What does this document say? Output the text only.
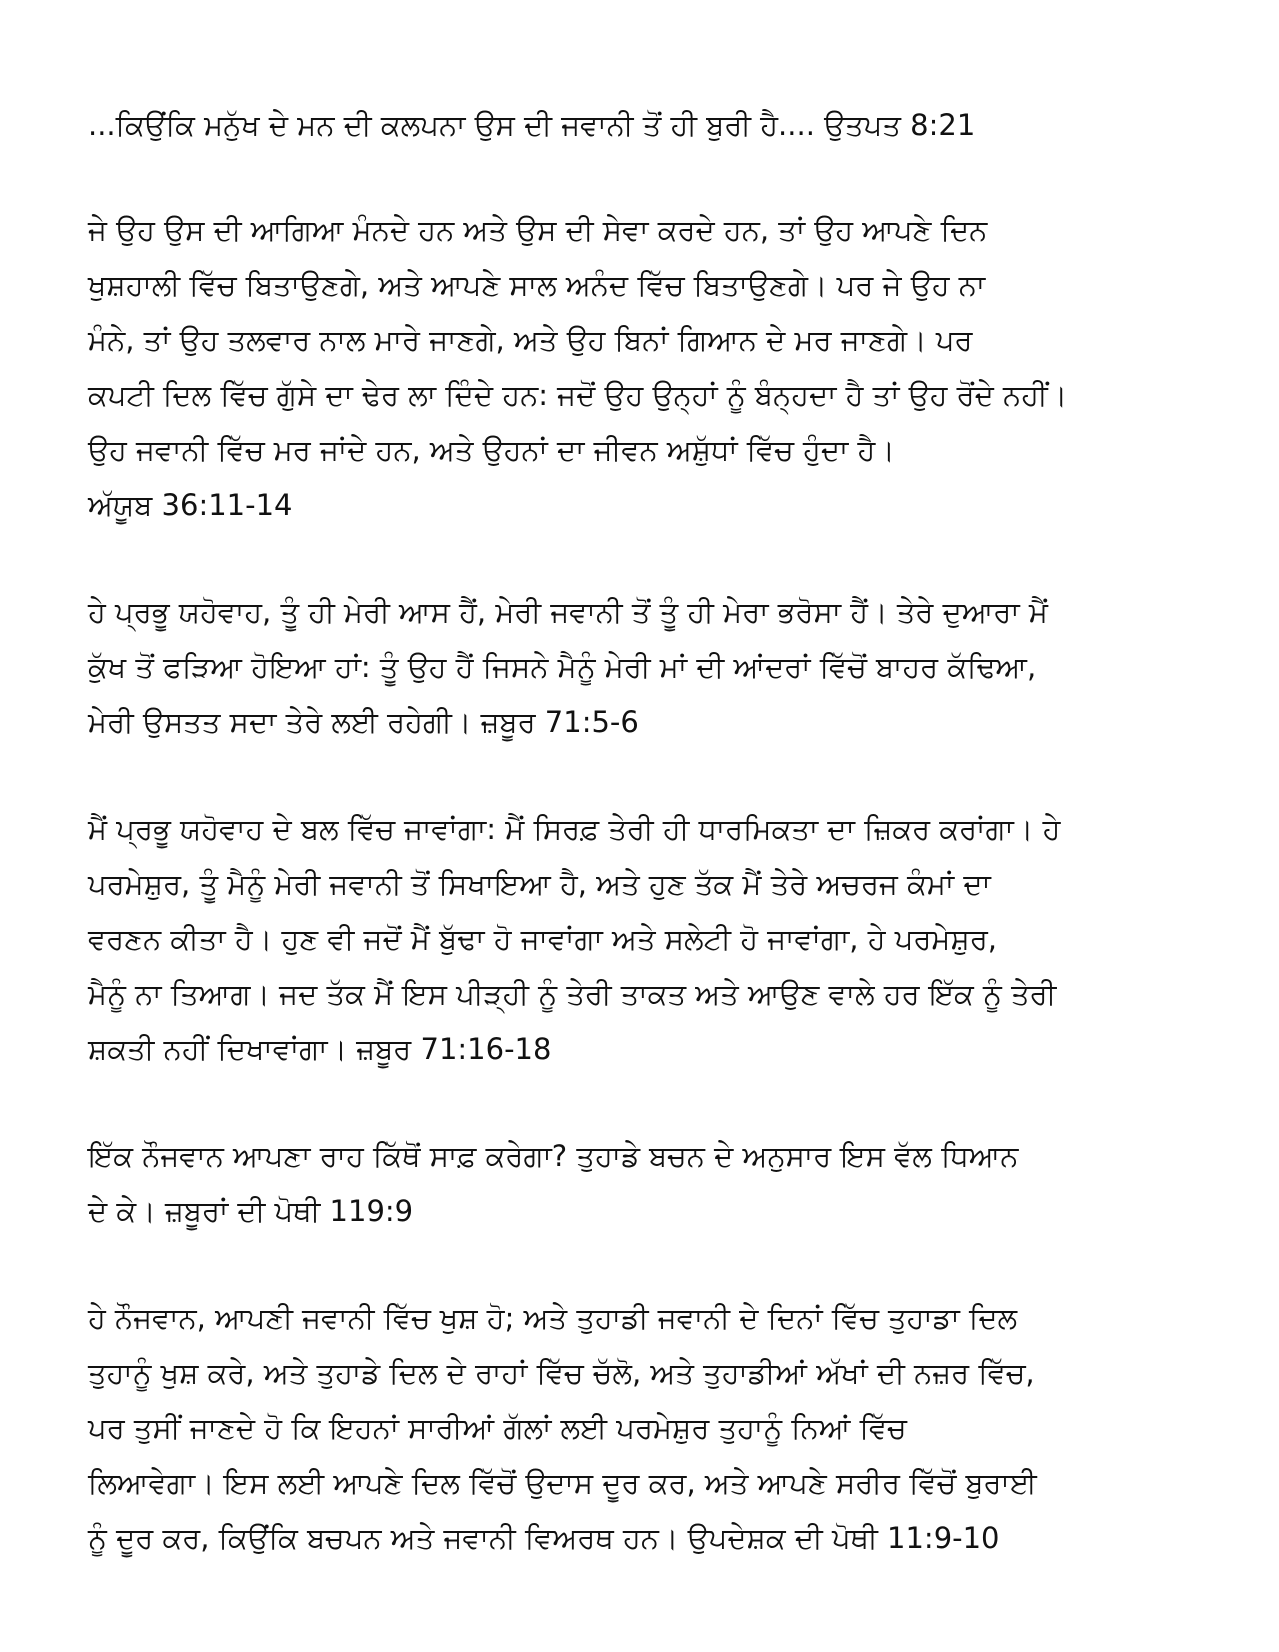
...ਕਿਉਂਕਿ ਮਨੁੱਖ ਦੇ ਮਨ ਦੀ ਕਲਪਨਾ ਉਸ ਦੀ ਜਵਾਨੀ ਤੋਂ ਹੀ ਬੁਰੀ ਹੈ.... ਉਤਪਤ 8:21

ਜੇ ਉਹ ਉਸ ਦੀ ਆਗਿਆ ਮੰਨਦੇ ਹਨ ਅਤੇ ਉਸ ਦੀ ਸੇਵਾ ਕਰਦੇ ਹਨ, ਤਾਂ ਉਹ ਆਪਣੇ ਦਿਨ
ਖੁਸ਼ਹਾਲੀ ਵਿੱਚ ਬਿਤਾਉਣਗੇ, ਅਤੇ ਆਪਣੇ ਸਾਲ ਅਨੰਦ ਵਿੱਚ ਬਿਤਾਉਣਗੇ। ਪਰ ਜੇ ਉਹ ਨਾ
ਮੰਨੇ, ਤਾਂ ਉਹ ਤਲਵਾਰ ਨਾਲ ਮਾਰੇ ਜਾਣਗੇ, ਅਤੇ ਉਹ ਬਿਨਾਂ ਗਿਆਨ ਦੇ ਮਰ ਜਾਣਗੇ। ਪਰ
ਕਪਟੀ ਦਿਲ ਵਿੱਚ ਗੁੱਸੇ ਦਾ ਢੇਰ ਲਾ ਦਿੰਦੇ ਹਨ: ਜਦੋਂ ਉਹ ਉਨ੍ਹਾਂ ਨੂੰ ਬੰਨ੍ਹਦਾ ਹੈ ਤਾਂ ਉਹ ਰੋਂਦੇ ਨਹੀਂ।
ਉਹ ਜਵਾਨੀ ਵਿੱਚ ਮਰ ਜਾਂਦੇ ਹਨ, ਅਤੇ ਉਹਨਾਂ ਦਾ ਜੀਵਨ ਅਸ਼ੁੱਧਾਂ ਵਿੱਚ ਹੁੰਦਾ ਹੈ।
ਅੱਯੂਬ 36:11-14

ਹੇ ਪ੍ਰਭੂ ਯਹੋਵਾਹ, ਤੂੰ ਹੀ ਮੇਰੀ ਆਸ ਹੈਂ, ਮੇਰੀ ਜਵਾਨੀ ਤੋਂ ਤੂੰ ਹੀ ਮੇਰਾ ਭਰੋਸਾ ਹੈਂ। ਤੇਰੇ ਦੁਆਰਾ ਮੈਂ
ਕੁੱਖ ਤੋਂ ਫੜਿਆ ਹੋਇਆ ਹਾਂ: ਤੂੰ ਉਹ ਹੈਂ ਜਿਸਨੇ ਮੈਨੂੰ ਮੇਰੀ ਮਾਂ ਦੀ ਆਂਦਰਾਂ ਵਿੱਚੋਂ ਬਾਹਰ ਕੱਢਿਆ,
ਮੇਰੀ ਉਸਤਤ ਸਦਾ ਤੇਰੇ ਲਈ ਰਹੇਗੀ। ਜ਼ਬੂਰ 71:5-6

ਮੈਂ ਪ੍ਰਭੂ ਯਹੋਵਾਹ ਦੇ ਬਲ ਵਿੱਚ ਜਾਵਾਂਗਾ: ਮੈਂ ਸਿਰਫ਼ ਤੇਰੀ ਹੀ ਧਾਰਮਿਕਤਾ ਦਾ ਜ਼ਿਕਰ ਕਰਾਂਗਾ। ਹੇ
ਪਰਮੇਸ਼ੁਰ, ਤੂੰ ਮੈਨੂੰ ਮੇਰੀ ਜਵਾਨੀ ਤੋਂ ਸਿਖਾਇਆ ਹੈ, ਅਤੇ ਹੁਣ ਤੱਕ ਮੈਂ ਤੇਰੇ ਅਚਰਜ ਕੰਮਾਂ ਦਾ
ਵਰਣਨ ਕੀਤਾ ਹੈ। ਹੁਣ ਵੀ ਜਦੋਂ ਮੈਂ ਬੁੱਢਾ ਹੋ ਜਾਵਾਂਗਾ ਅਤੇ ਸਲੇਟੀ ਹੋ ਜਾਵਾਂਗਾ, ਹੇ ਪਰਮੇਸ਼ੁਰ,
ਮੈਨੂੰ ਨਾ ਤਿਆਗ। ਜਦ ਤੱਕ ਮੈਂ ਇਸ ਪੀੜ੍ਹੀ ਨੂੰ ਤੇਰੀ ਤਾਕਤ ਅਤੇ ਆਉਣ ਵਾਲੇ ਹਰ ਇੱਕ ਨੂੰ ਤੇਰੀ
ਸ਼ਕਤੀ ਨਹੀਂ ਦਿਖਾਵਾਂਗਾ। ਜ਼ਬੂਰ 71:16-18

ਇੱਕ ਨੌਜਵਾਨ ਆਪਣਾ ਰਾਹ ਕਿੱਥੋਂ ਸਾਫ਼ ਕਰੇਗਾ? ਤੁਹਾਡੇ ਬਚਨ ਦੇ ਅਨੁਸਾਰ ਇਸ ਵੱਲ ਧਿਆਨ
ਦੇ ਕੇ। ਜ਼ਬੂਰਾਂ ਦੀ ਪੋਥੀ 119:9

ਹੇ ਨੌਜਵਾਨ, ਆਪਣੀ ਜਵਾਨੀ ਵਿੱਚ ਖੁਸ਼ ਹੋ; ਅਤੇ ਤੁਹਾਡੀ ਜਵਾਨੀ ਦੇ ਦਿਨਾਂ ਵਿੱਚ ਤੁਹਾਡਾ ਦਿਲ
ਤੁਹਾਨੂੰ ਖੁਸ਼ ਕਰੇ, ਅਤੇ ਤੁਹਾਡੇ ਦਿਲ ਦੇ ਰਾਹਾਂ ਵਿੱਚ ਚੱਲੋ, ਅਤੇ ਤੁਹਾਡੀਆਂ ਅੱਖਾਂ ਦੀ ਨਜ਼ਰ ਵਿੱਚ,
ਪਰ ਤੁਸੀਂ ਜਾਣਦੇ ਹੋ ਕਿ ਇਹਨਾਂ ਸਾਰੀਆਂ ਗੱਲਾਂ ਲਈ ਪਰਮੇਸ਼ੁਰ ਤੁਹਾਨੂੰ ਨਿਆਂ ਵਿੱਚ
ਲਿਆਵੇਗਾ। ਇਸ ਲਈ ਆਪਣੇ ਦਿਲ ਵਿੱਚੋਂ ਉਦਾਸ ਦੂਰ ਕਰ, ਅਤੇ ਆਪਣੇ ਸਰੀਰ ਵਿੱਚੋਂ ਬੁਰਾਈ
ਨੂੰ ਦੂਰ ਕਰ, ਕਿਉਂਕਿ ਬਚਪਨ ਅਤੇ ਜਵਾਨੀ ਵਿਅਰਥ ਹਨ। ਉਪਦੇਸ਼ਕ ਦੀ ਪੋਥੀ 11:9-10
